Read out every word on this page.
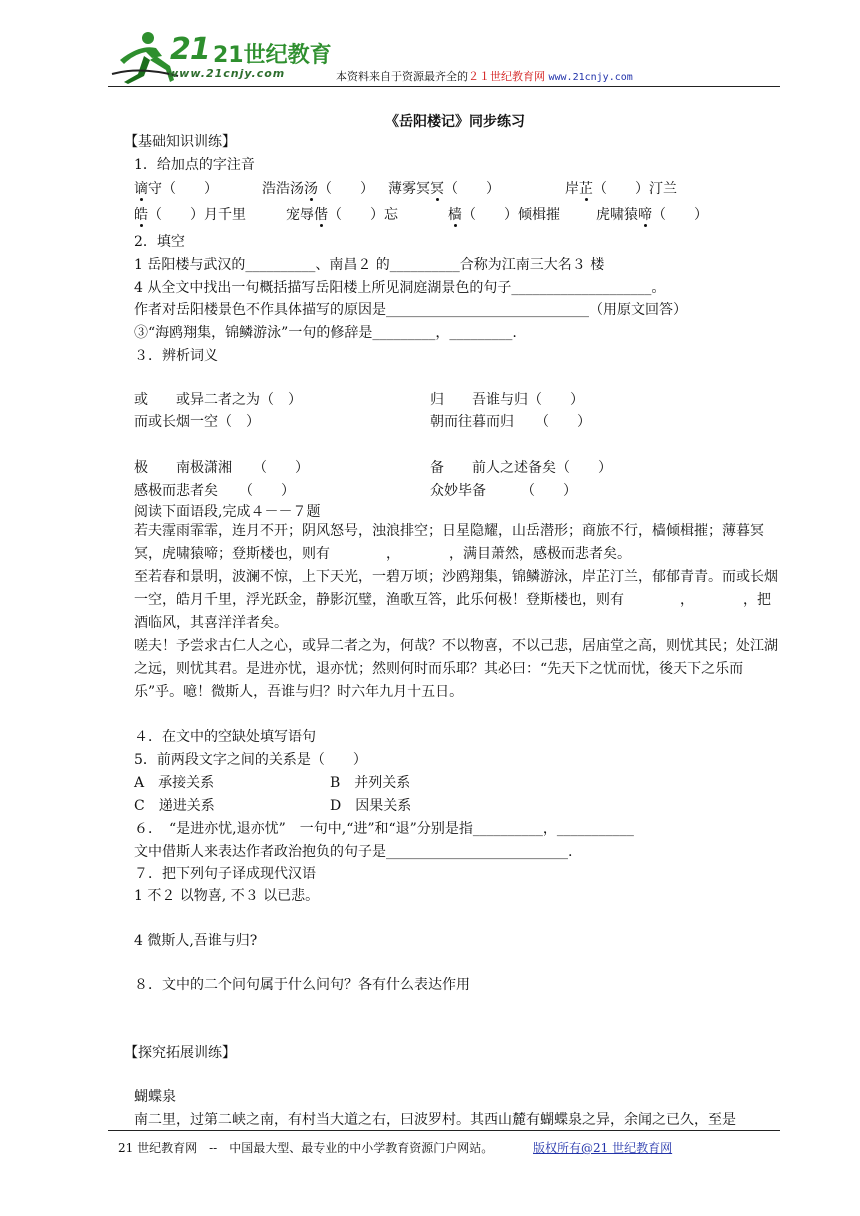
21 21世纪教育
www.21cnjy.com	本资料来自于资源最齐全的２１世纪教育网 www.21cnjy.com
《岳阳楼记》同步练习
【基础知识训练】
1．给加点的字注音
谪守（　　）	浩浩汤汤（　　） 薄雾冥冥（　　）	岸芷（　　）汀兰
皓（　　）月千里	宠辱偕（　　）忘	樯（　　）倾楫摧	虎啸猿啼（　　）
2．填空
1 岳阳楼与武汉的__________、南昌２ 的__________合称为江南三大名３ 楼
4 从全文中找出一句概括描写岳阳楼上所见洞庭湖景色的句子____________________。
作者对岳阳楼景色不作具体描写的原因是_____________________________（用原文回答）
③“海鸥翔集，锦鳞游泳”一句的修辞是_________，_________.
３．辨析词义
或　　或异二者之为（　）	归　　吾谁与归（　　）
而或长烟一空（　）	朝而往暮而归　　（　　）
极　　南极潇湘　　（　　）	备　　前人之述备矣（　　）
感极而悲者矣　　（　　）	众妙毕备　　　（　　）
阅读下面语段,完成４－－７题
若夫霪雨霏霏，连月不开；阴风怒号，浊浪排空；日星隐耀，山岳潜形；商旅不行，樯倾楫摧；薄暮冥冥，虎啸猿啼；登斯楼也，则有　　　　，　　　　，满目萧然，感极而悲者矣。
至若春和景明，波澜不惊，上下天光，一碧万顷；沙鸥翔集，锦鳞游泳，岸芷汀兰，郁郁青青。而或长烟一空，皓月千里，浮光跃金，静影沉璧，渔歌互答，此乐何极！登斯楼也，则有　　　　，　　　　，把酒临风，其喜洋洋者矣。
嗟夫！予尝求古仁人之心，或异二者之为，何哉？不以物喜，不以己悲，居庙堂之高，则忧其民；处江湖之远，则忧其君。是进亦忧，退亦忧；然则何时而乐耶？其必曰：“先天下之忧而忧，後天下之乐而乐”乎。噫！微斯人，吾谁与归？时六年九月十五日。
４．在文中的空缺处填写语句
5．前两段文字之间的关系是（　　）
A　承接关系	B　并列关系
C　递进关系	D　因果关系
６．　“是进亦忧,退亦忧”　一句中,“进”和“退”分别是指__________，___________
文中借斯人来表达作者政治抱负的句子是__________________________.
７．把下列句子译成现代汉语
1 不２ 以物喜, 不３ 以已悲。
4 微斯人,吾谁与归?
８．文中的二个问句属于什么问句？各有什么表达作用
【探究拓展训练】
蝴蝶泉
南二里，过第二峡之南，有村当大道之右，曰波罗村。其西山麓有蝴蝶泉之异，余闻之已久，至是
21 世纪教育网　--　中国最大型、最专业的中小学教育资源门户网站。	版权所有@21 世纪教育网
